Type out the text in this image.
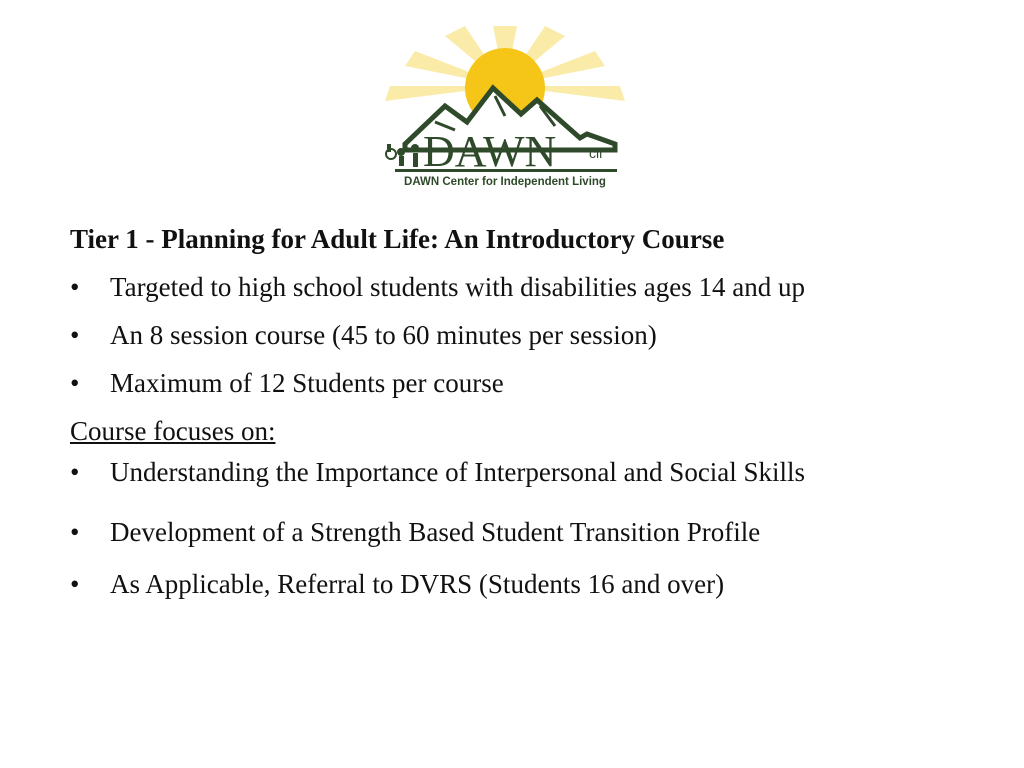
DAWN cil
DAWN Center for Independent Living
Tier 1 - Planning for Adult Life: An Introductory Course
• Targeted to high school students with disabilities ages 14 and up
• An 8 session course (45 to 60 minutes per session)
• Maximum of 12 Students per course
Course focuses on:
• Understanding the Importance of Interpersonal and Social Skills
• Development of a Strength Based Student Transition Profile
• As Applicable, Referral to DVRS (Students 16 and over)
